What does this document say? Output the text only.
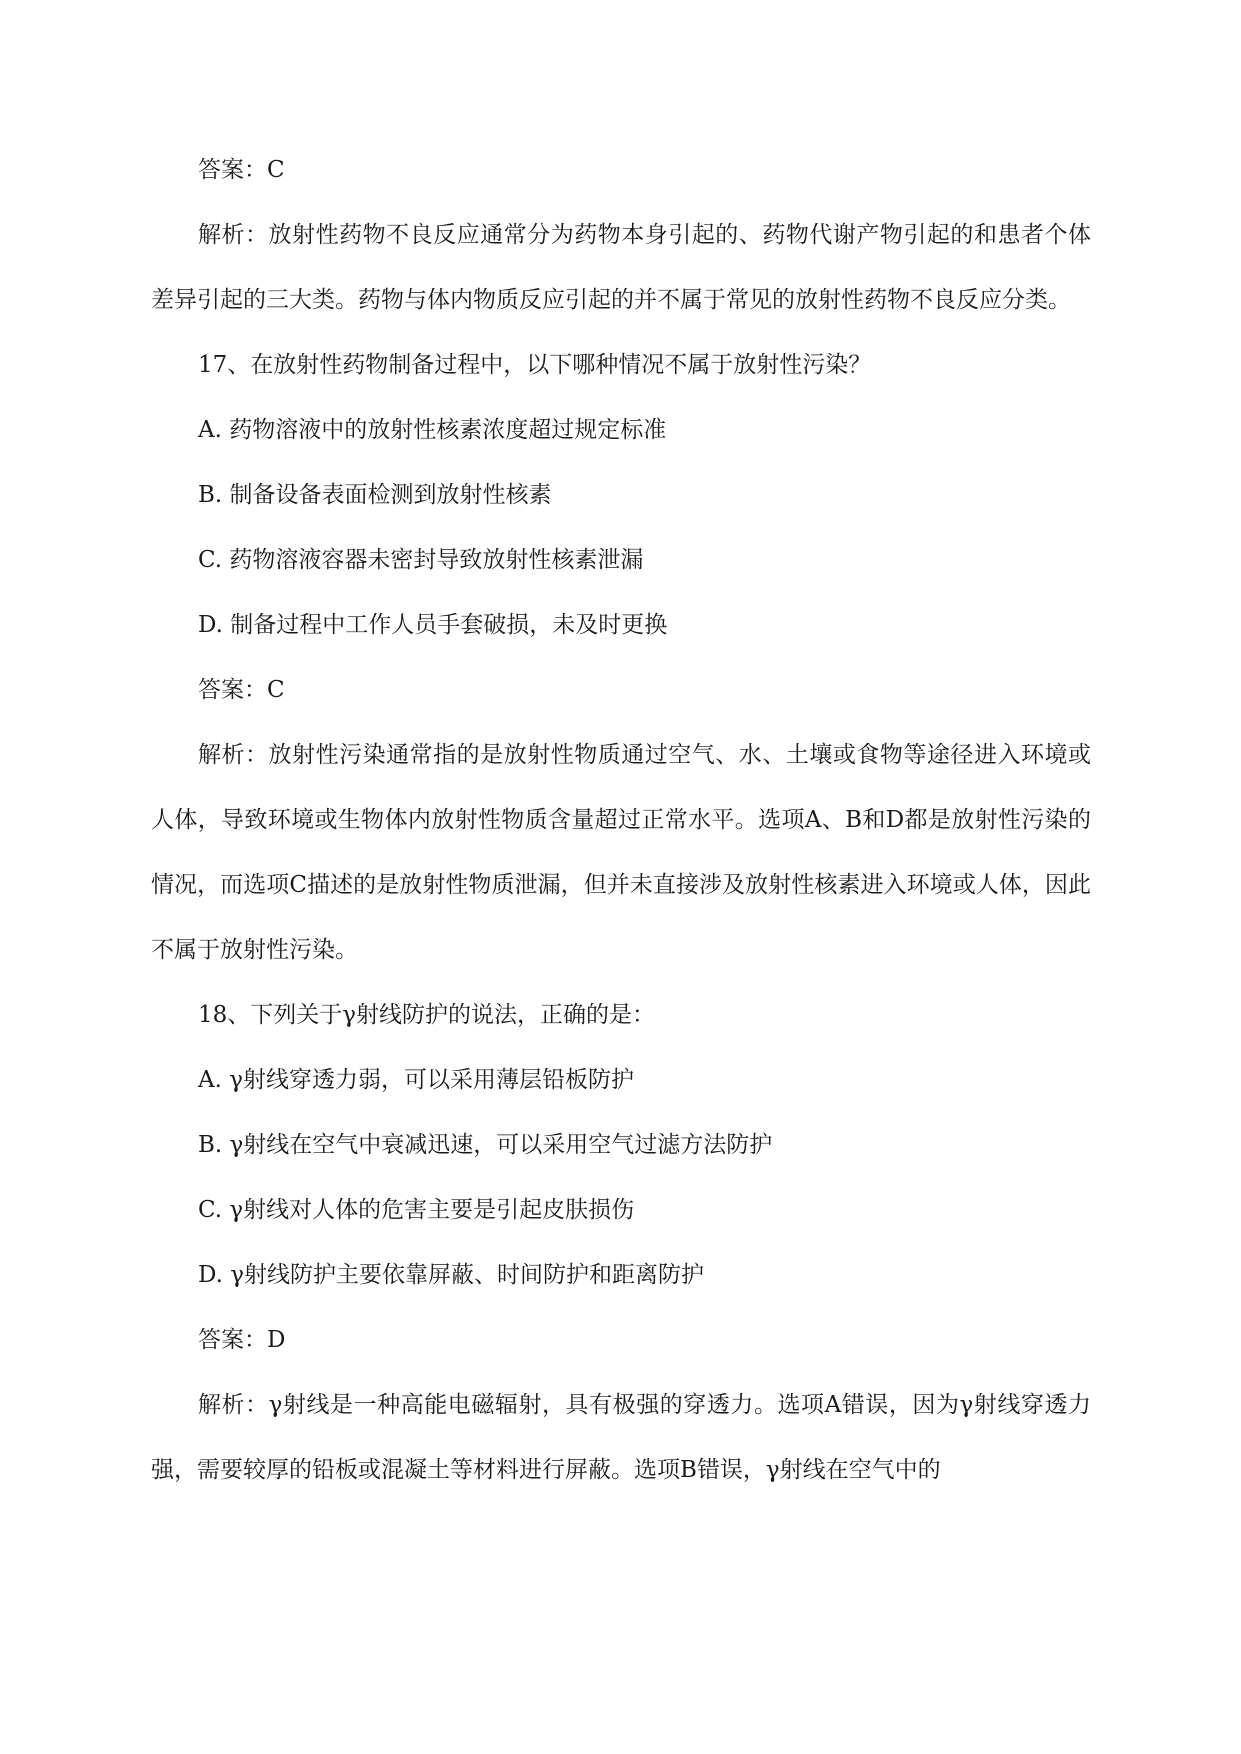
答案：C

解析：放射性药物不良反应通常分为药物本身引起的、药物代谢产物引起的和患者个体差异引起的三大类。药物与体内物质反应引起的并不属于常见的放射性药物不良反应分类。

17、在放射性药物制备过程中，以下哪种情况不属于放射性污染？

A. 药物溶液中的放射性核素浓度超过规定标准

B. 制备设备表面检测到放射性核素

C. 药物溶液容器未密封导致放射性核素泄漏

D. 制备过程中工作人员手套破损，未及时更换

答案：C

解析：放射性污染通常指的是放射性物质通过空气、水、土壤或食物等途径进入环境或人体，导致环境或生物体内放射性物质含量超过正常水平。选项A、B和D都是放射性污染的情况，而选项C描述的是放射性物质泄漏，但并未直接涉及放射性核素进入环境或人体，因此不属于放射性污染。

18、下列关于γ射线防护的说法，正确的是：

A. γ射线穿透力弱，可以采用薄层铅板防护

B. γ射线在空气中衰减迅速，可以采用空气过滤方法防护

C. γ射线对人体的危害主要是引起皮肤损伤

D. γ射线防护主要依靠屏蔽、时间防护和距离防护

答案：D

解析：γ射线是一种高能电磁辐射，具有极强的穿透力。选项A错误，因为γ射线穿透力强，需要较厚的铅板或混凝土等材料进行屏蔽。选项B错误，γ射线在空气中的
